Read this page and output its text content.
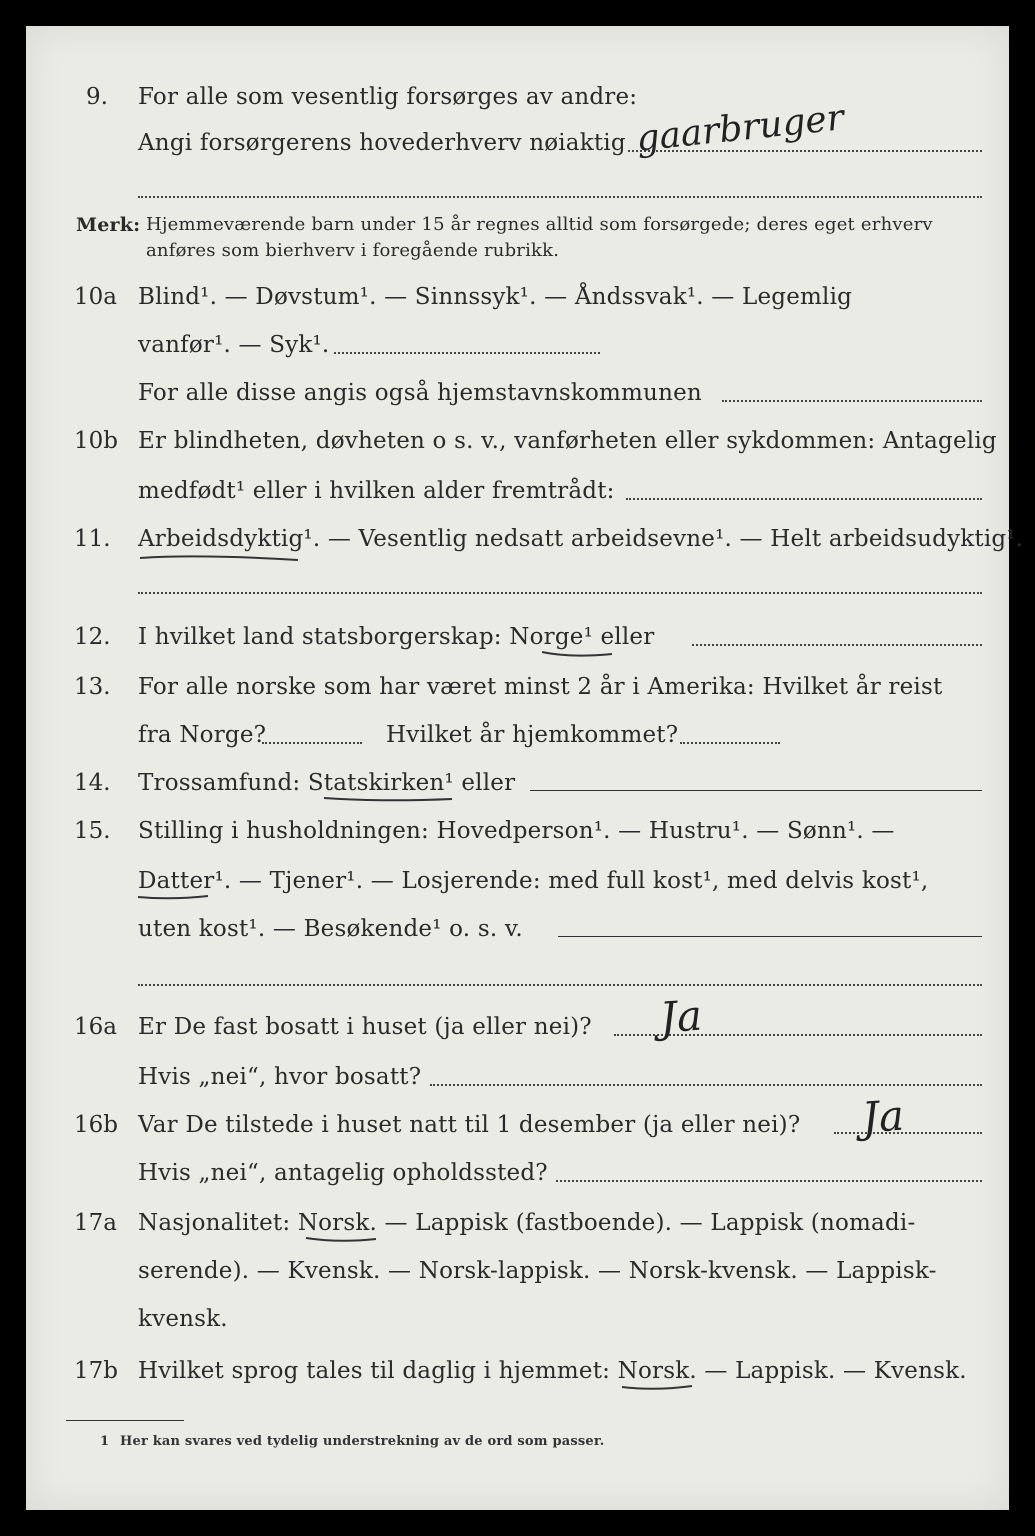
9. For alle som vesentlig forsørges av andre:
Angi forsørgerens hovederhverv nøiaktig gaarbruger
Merk: Hjemmeværende barn under 15 år regnes alltid som forsørgede; deres eget erhverv
anføres som bierhverv i foregående rubrikk.
10a Blind¹. — Døvstum¹. — Sinnssyk¹. — Åndssvak¹. — Legemlig
vanfør¹. — Syk¹.
For alle disse angis også hjemstavnskommunen
10b Er blindheten, døvheten o s. v., vanførheten eller sykdommen: Antagelig
medfødt¹ eller i hvilken alder fremtrådt:
11. Arbeidsdyktig¹. — Vesentlig nedsatt arbeidsevne¹. — Helt arbeidsudyktig¹.
12. I hvilket land statsborgerskap: Norge¹ eller
13. For alle norske som har været minst 2 år i Amerika: Hvilket år reist
fra Norge?	Hvilket år hjemkommet?
14. Trossamfund: Statskirken¹ eller
15. Stilling i husholdningen: Hovedperson¹. — Hustru¹. — Sønn¹. —
Datter¹. — Tjener¹. — Losjerende: med full kost¹, med delvis kost¹,
uten kost¹. — Besøkende¹ o. s. v.
16a Er De fast bosatt i huset (ja eller nei)? Ja
Hvis „nei“, hvor bosatt?
16b Var De tilstede i huset natt til 1 desember (ja eller nei)? Ja
Hvis „nei“, antagelig opholdssted?
17a Nasjonalitet: Norsk. — Lappisk (fastboende). — Lappisk (nomadi-
serende). — Kvensk. — Norsk-lappisk. — Norsk-kvensk. — Lappisk-
kvensk.
17b Hvilket sprog tales til daglig i hjemmet: Norsk. — Lappisk. — Kvensk.
1 Her kan svares ved tydelig understrekning av de ord som passer.
